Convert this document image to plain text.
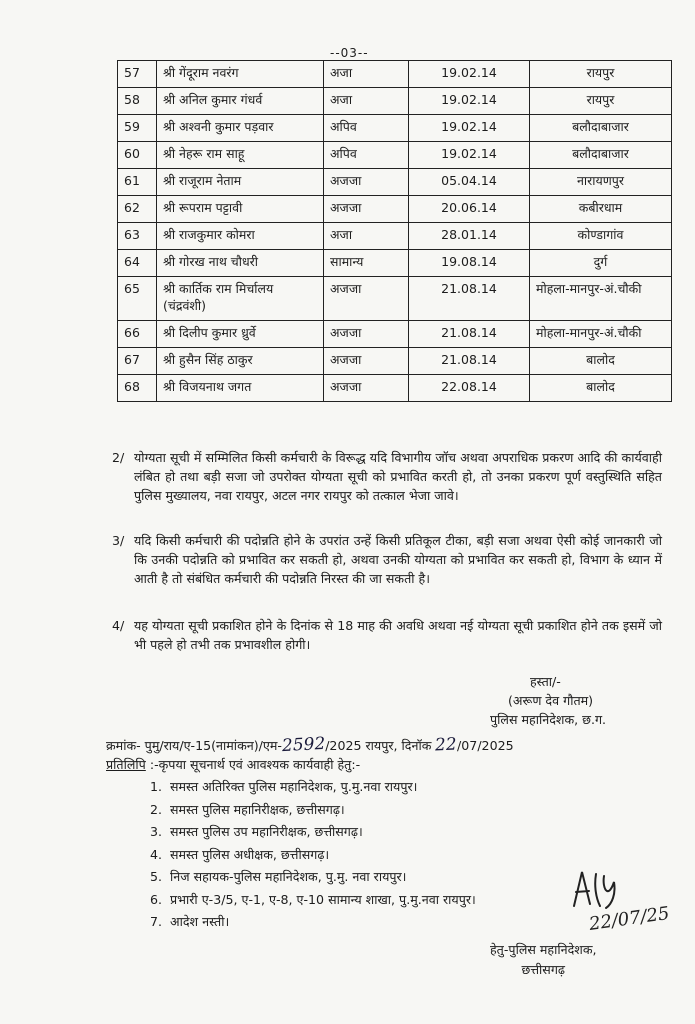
--03--
57	श्री गेंदूराम नवरंग	अजा	19.02.14	रायपुर
58	श्री अनिल कुमार गंधर्व	अजा	19.02.14	रायपुर
59	श्री अश्वनी कुमार पड़वार	अपिव	19.02.14	बलौदाबाजार
60	श्री नेहरू राम साहू	अपिव	19.02.14	बलौदाबाजार
61	श्री राजूराम नेताम	अजजा	05.04.14	नारायणपुर
62	श्री रूपराम पट्टावी	अजजा	20.06.14	कबीरधाम
63	श्री राजकुमार कोमरा	अजा	28.01.14	कोण्डागांव
64	श्री गोरख नाथ चौधरी	सामान्य	19.08.14	दुर्ग
65	श्री कार्तिक राम मिर्चालय (चंद्रवंशी)	अजजा	21.08.14	मोहला-मानपुर-अं.चौकी
66	श्री दिलीप कुमार ध्रुर्वे	अजजा	21.08.14	मोहला-मानपुर-अं.चौकी
67	श्री हुसैन सिंह ठाकुर	अजजा	21.08.14	बालोद
68	श्री विजयनाथ जगत	अजजा	22.08.14	बालोद
2/ योग्यता सूची में सम्मिलित किसी कर्मचारी के विरूद्ध यदि विभागीय जॉच अथवा अपराधिक प्रकरण आदि की कार्यवाही लंबित हो तथा बड़ी सजा जो उपरोक्त योग्यता सूची को प्रभावित करती हो, तो उनका प्रकरण पूर्ण वस्तुस्थिति सहित पुलिस मुख्यालय, नवा रायपुर, अटल नगर रायपुर को तत्काल भेजा जावे।
3/ यदि किसी कर्मचारी की पदोन्नति होने के उपरांत उन्हें किसी प्रतिकूल टीका, बड़ी सजा अथवा ऐसी कोई जानकारी जो कि उनकी पदोन्नति को प्रभावित कर सकती हो, अथवा उनकी योग्यता को प्रभावित कर सकती हो, विभाग के ध्यान में आती है तो संबंधित कर्मचारी की पदोन्नति निरस्त की जा सकती है।
4/ यह योग्यता सूची प्रकाशित होने के दिनांक से 18 माह की अवधि अथवा नई योग्यता सूची प्रकाशित होने तक इसमें जो भी पहले हो तभी तक प्रभावशील होगी।
हस्ता/-
(अरूण देव गौतम)
पुलिस महानिदेशक, छ.ग.
क्रमांक- पुमु/राय/ए-15(नामांकन)/एम-2592/2025 रायपुर, दिनॉक 22/07/2025
प्रतिलिपि :-कृपया सूचनार्थ एवं आवश्यक कार्यवाही हेतु:-
1. समस्त अतिरिक्त पुलिस महानिदेशक, पु.मु.नवा रायपुर।
2. समस्त पुलिस महानिरीक्षक, छत्तीसगढ़।
3. समस्त पुलिस उप महानिरीक्षक, छत्तीसगढ़।
4. समस्त पुलिस अधीक्षक, छत्तीसगढ़।
5. निज सहायक-पुलिस महानिदेशक, पु.मु. नवा रायपुर।
6. प्रभारी ए-3/5, ए-1, ए-8, ए-10 सामान्य शाखा, पु.मु.नवा रायपुर।
7. आदेश नस्ती।	22/07/25
हेतु-पुलिस महानिदेशक,
छत्तीसगढ़
